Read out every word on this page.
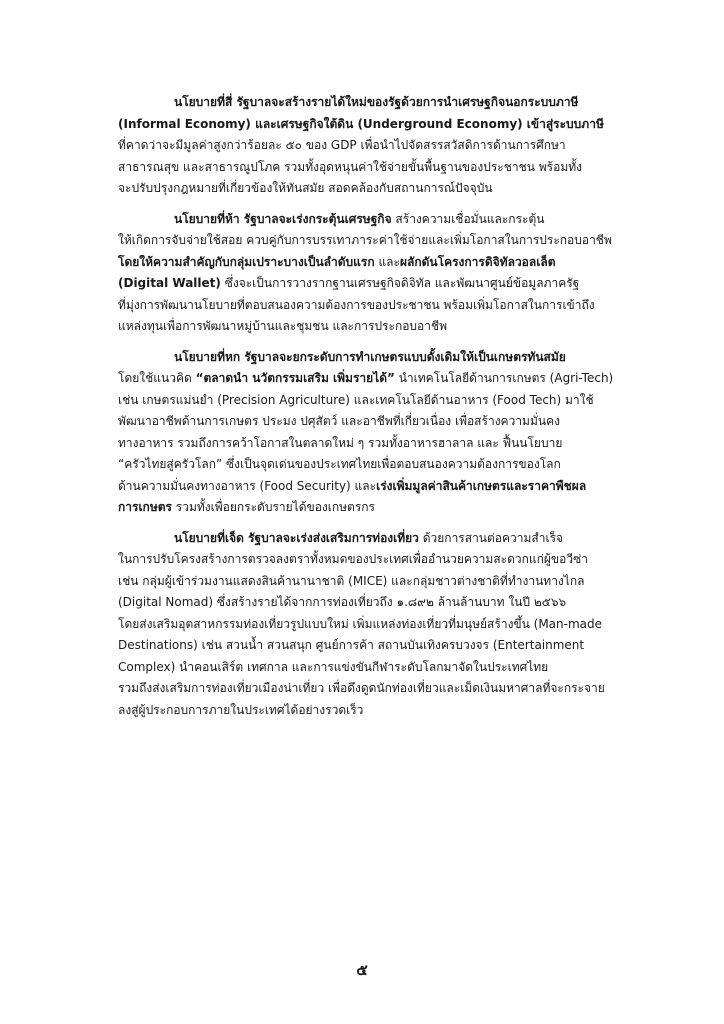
นโยบายที่สี่ รัฐบาลจะสร้างรายได้ใหม่ของรัฐด้วยการนำเศรษฐกิจนอกระบบภาษี
(Informal Economy) และเศรษฐกิจใต้ดิน (Underground Economy) เข้าสู่ระบบภาษี
ที่คาดว่าจะมีมูลค่าสูงกว่าร้อยละ ๕๐ ของ GDP เพื่อนำไปจัดสรรสวัสดิการด้านการศึกษา
สาธารณสุข และสาธารณูปโภค รวมทั้งอุดหนุนค่าใช้จ่ายขั้นพื้นฐานของประชาชน พร้อมทั้ง
จะปรับปรุงกฎหมายที่เกี่ยวข้องให้ทันสมัย สอดคล้องกับสถานการณ์ปัจจุบัน

นโยบายที่ห้า รัฐบาลจะเร่งกระตุ้นเศรษฐกิจ สร้างความเชื่อมั่นและกระตุ้น
ให้เกิดการจับจ่ายใช้สอย ควบคู่กับการบรรเทาภาระค่าใช้จ่ายและเพิ่มโอกาสในการประกอบอาชีพ
โดยให้ความสำคัญกับกลุ่มเปราะบางเป็นลำดับแรก และผลักดันโครงการดิจิทัลวอลเล็ต
(Digital Wallet) ซึ่งจะเป็นการวางรากฐานเศรษฐกิจดิจิทัล และพัฒนาศูนย์ข้อมูลภาครัฐ
ที่มุ่งการพัฒนานโยบายที่ตอบสนองความต้องการของประชาชน พร้อมเพิ่มโอกาสในการเข้าถึง
แหล่งทุนเพื่อการพัฒนาหมู่บ้านและชุมชน และการประกอบอาชีพ

นโยบายที่หก รัฐบาลจะยกระดับการทำเกษตรแบบดั้งเดิมให้เป็นเกษตรทันสมัย
โดยใช้แนวคิด “ตลาดนำ นวัตกรรมเสริม เพิ่มรายได้” นำเทคโนโลยีด้านการเกษตร (Agri-Tech)
เช่น เกษตรแม่นยำ (Precision Agriculture) และเทคโนโลยีด้านอาหาร (Food Tech) มาใช้
พัฒนาอาชีพด้านการเกษตร ประมง ปศุสัตว์ และอาชีพที่เกี่ยวเนื่อง เพื่อสร้างความมั่นคง
ทางอาหาร รวมถึงการคว้าโอกาสในตลาดใหม่ ๆ รวมทั้งอาหารฮาลาล และ ฟื้นนโยบาย
“ครัวไทยสู่ครัวโลก” ซึ่งเป็นจุดเด่นของประเทศไทยเพื่อตอบสนองความต้องการของโลก
ด้านความมั่นคงทางอาหาร (Food Security) และเร่งเพิ่มมูลค่าสินค้าเกษตรและราคาพืชผล
การเกษตร รวมทั้งเพื่อยกระดับรายได้ของเกษตรกร

นโยบายที่เจ็ด รัฐบาลจะเร่งส่งเสริมการท่องเที่ยว ด้วยการสานต่อความสำเร็จ
ในการปรับโครงสร้างการตรวจลงตราทั้งหมดของประเทศเพื่ออำนวยความสะดวกแก่ผู้ขอวีซ่า
เช่น กลุ่มผู้เข้าร่วมงานแสดงสินค้านานาชาติ (MICE) และกลุ่มชาวต่างชาติที่ทำงานทางไกล
(Digital Nomad) ซึ่งสร้างรายได้จากการท่องเที่ยวถึง ๑.๘๙๒ ล้านล้านบาท ในปี ๒๕๖๖
โดยส่งเสริมอุตสาหกรรมท่องเที่ยวรูปแบบใหม่ เพิ่มแหล่งท่องเที่ยวที่มนุษย์สร้างขึ้น (Man-made
Destinations) เช่น สวนน้ำ สวนสนุก ศูนย์การค้า สถานบันเทิงครบวงจร (Entertainment
Complex) นำคอนเสิร์ต เทศกาล และการแข่งขันกีฬาระดับโลกมาจัดในประเทศไทย
รวมถึงส่งเสริมการท่องเที่ยวเมืองน่าเที่ยว เพื่อดึงดูดนักท่องเที่ยวและเม็ดเงินมหาศาลที่จะกระจาย
ลงสู่ผู้ประกอบการภายในประเทศได้อย่างรวดเร็ว

๕
